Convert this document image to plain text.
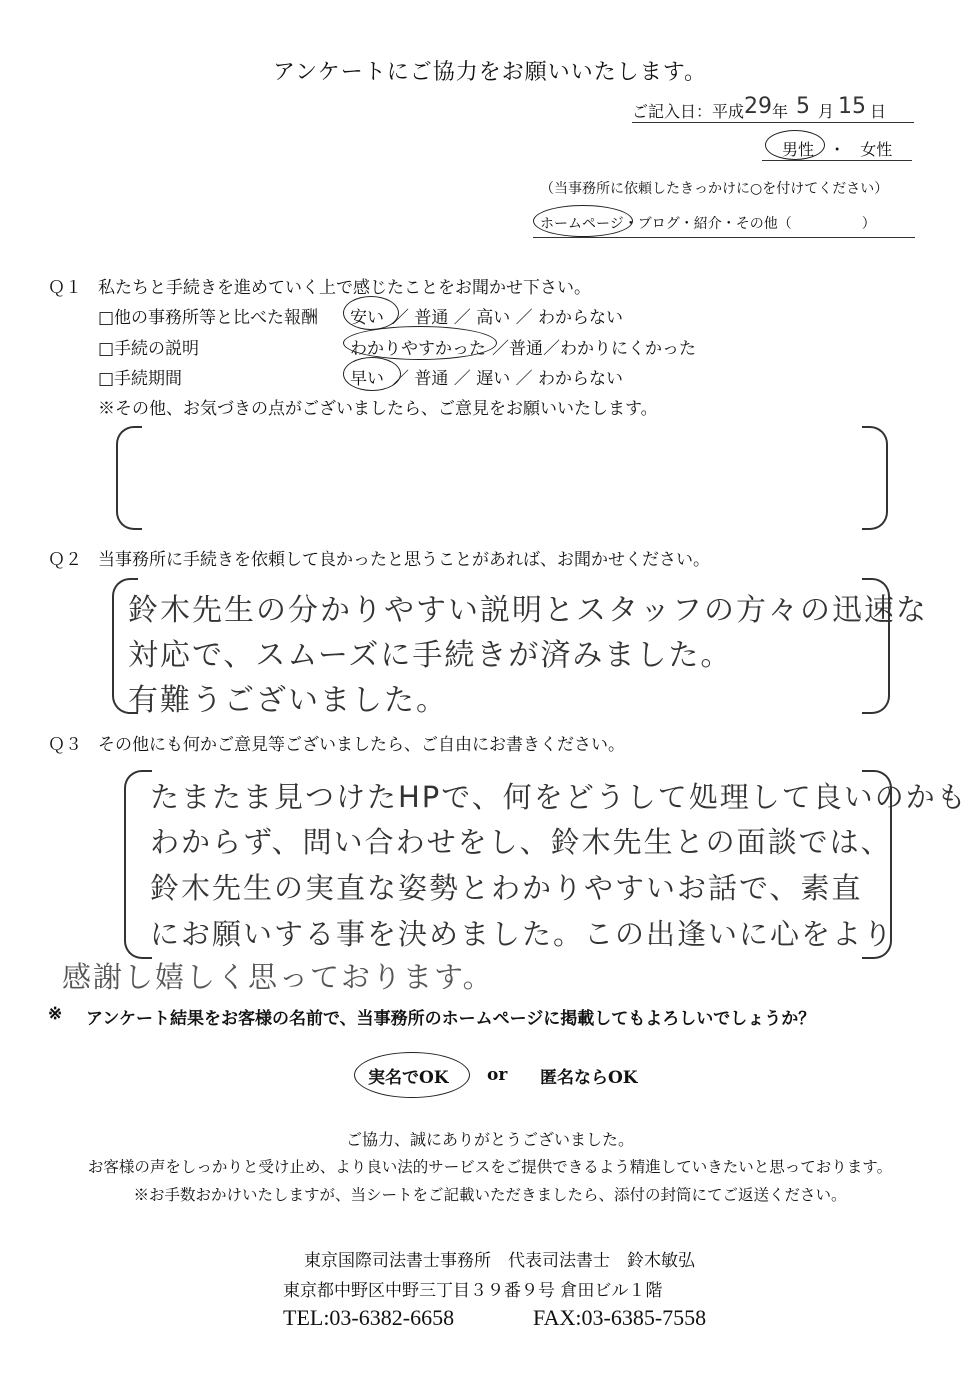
アンケートにご協力をお願いいたします。
ご記入日：平成29年 5 月 15 日
男性 ・ 女性
（当事務所に依頼したきっかけに○を付けてください）
ホームページ・ブログ・紹介・その他（　　　　　）
Ｑ１ 私たちと手続きを進めていく上で感じたことをお聞かせ下さい。
□他の事務所等と比べた報酬 安い ／ 普通 ／ 高い ／ わからない
□手続の説明	わかりやすかった ／普通／わかりにくかった
□手続期間	早い ／ 普通 ／ 遅い ／ わからない
※その他、お気づきの点がございましたら、ご意見をお願いいたします。
Ｑ２ 当事務所に手続きを依頼して良かったと思うことがあれば、お聞かせください。
鈴木先生の分かりやすい説明とスタッフの方々の迅速な
対応で、スムーズに手続きが済みました。
有難うございました。
Ｑ３ その他にも何かご意見等ございましたら、ご自由にお書きください。
たまたま見つけたHPで、何をどうして処理して良いのかも
わからず、問い合わせをし、鈴木先生との面談では、
鈴木先生の実直な姿勢とわかりやすいお話で、素直
にお願いする事を決めました。この出逢いに心をより
感謝し嬉しく思っております。
※ アンケート結果をお客様の名前で、当事務所のホームページに掲載してもよろしいでしょうか？
実名でOK or 匿名ならOK
ご協力、誠にありがとうございました。
お客様の声をしっかりと受け止め、より良い法的サービスをご提供できるよう精進していきたいと思っております。
※お手数おかけいたしますが、当シートをご記載いただきましたら、添付の封筒にてご返送ください。
東京国際司法書士事務所　代表司法書士　鈴木敏弘
東京都中野区中野三丁目３９番９号 倉田ビル１階
TEL:03-6382-6658	FAX:03-6385-7558
